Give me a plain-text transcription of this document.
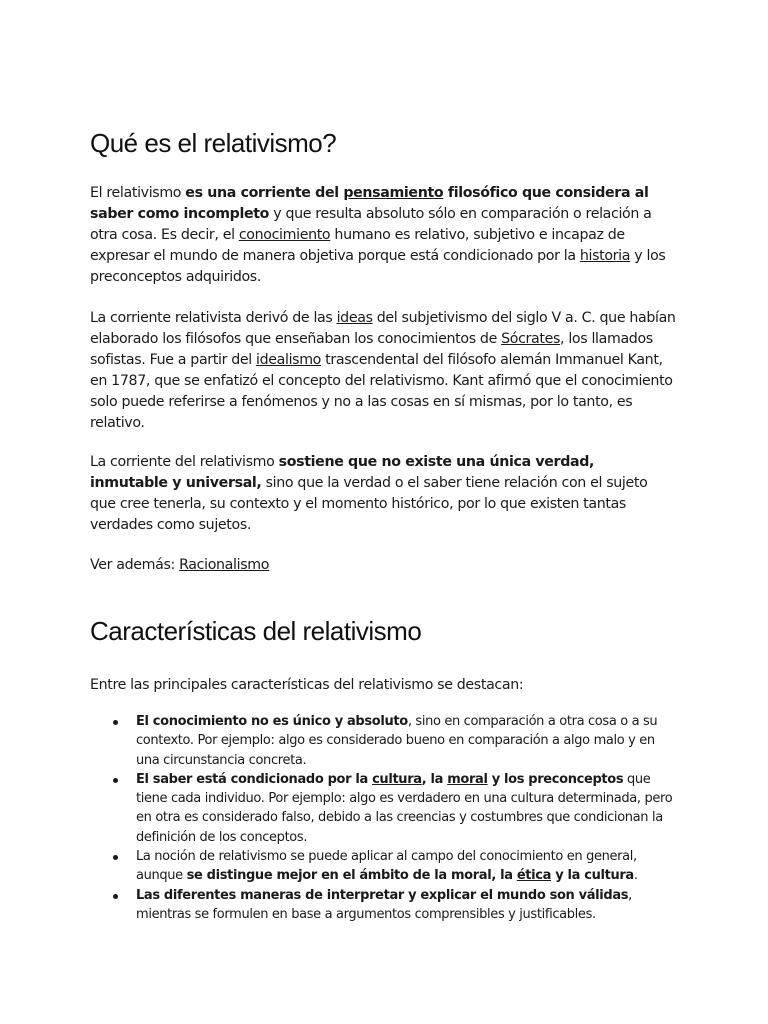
Qué es el relativismo?

El relativismo es una corriente del pensamiento filosófico que considera al saber como incompleto y que resulta absoluto sólo en comparación o relación a otra cosa. Es decir, el conocimiento humano es relativo, subjetivo e incapaz de expresar el mundo de manera objetiva porque está condicionado por la historia y los preconceptos adquiridos.

La corriente relativista derivó de las ideas del subjetivismo del siglo V a. C. que habían elaborado los filósofos que enseñaban los conocimientos de Sócrates, los llamados sofistas. Fue a partir del idealismo trascendental del filósofo alemán Immanuel Kant, en 1787, que se enfatizó el concepto del relativismo. Kant afirmó que el conocimiento solo puede referirse a fenómenos y no a las cosas en sí mismas, por lo tanto, es relativo.

La corriente del relativismo sostiene que no existe una única verdad, inmutable y universal, sino que la verdad o el saber tiene relación con el sujeto que cree tenerla, su contexto y el momento histórico, por lo que existen tantas verdades como sujetos.

Ver además: Racionalismo

Características del relativismo

Entre las principales características del relativismo se destacan:

El conocimiento no es único y absoluto, sino en comparación a otra cosa o a su contexto. Por ejemplo: algo es considerado bueno en comparación a algo malo y en una circunstancia concreta.
El saber está condicionado por la cultura, la moral y los preconceptos que tiene cada individuo. Por ejemplo: algo es verdadero en una cultura determinada, pero en otra es considerado falso, debido a las creencias y costumbres que condicionan la definición de los conceptos.
La noción de relativismo se puede aplicar al campo del conocimiento en general, aunque se distingue mejor en el ámbito de la moral, la ética y la cultura.
Las diferentes maneras de interpretar y explicar el mundo son válidas, mientras se formulen en base a argumentos comprensibles y justificables.
